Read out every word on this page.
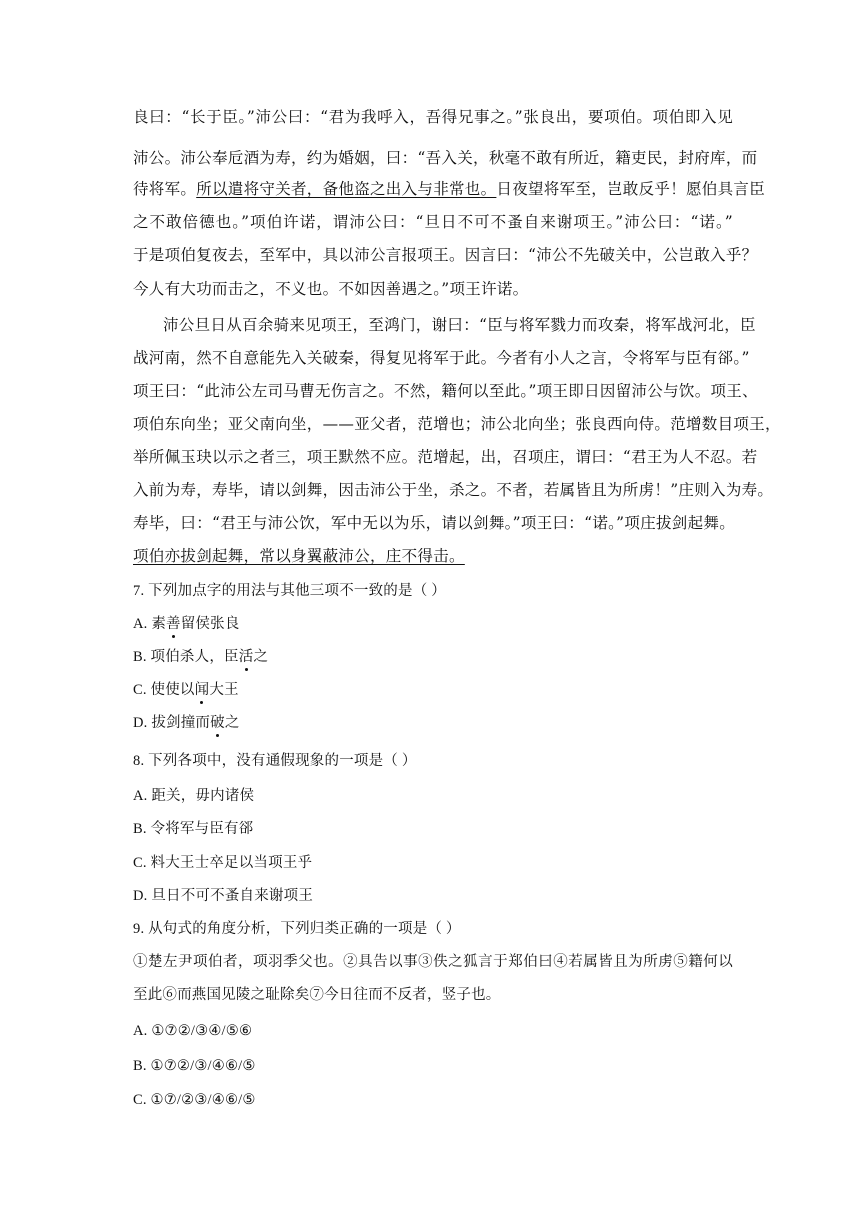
良曰：“长于臣。”沛公曰：“君为我呼入，吾得兄事之。”张良出，要项伯。项伯即入见
沛公。沛公奉卮酒为寿，约为婚姻，曰：“吾入关，秋毫不敢有所近，籍吏民，封府库，而
待将军。所以遣将守关者，备他盗之出入与非常也。日夜望将军至，岂敢反乎！愿伯具言臣
之不敢倍德也。”项伯许诺，谓沛公曰：“旦日不可不蚤自来谢项王。”沛公曰：“诺。”
于是项伯复夜去，至军中，具以沛公言报项王。因言曰：“沛公不先破关中，公岂敢入乎？
今人有大功而击之，不义也。不如因善遇之。”项王许诺。
沛公旦日从百余骑来见项王，至鸿门，谢曰：“臣与将军戮力而攻秦，将军战河北，臣
战河南，然不自意能先入关破秦，得复见将军于此。今者有小人之言，令将军与臣有郤。”
项王曰：“此沛公左司马曹无伤言之。不然，籍何以至此。”项王即日因留沛公与饮。项王、
项伯东向坐；亚父南向坐，——亚父者，范增也；沛公北向坐；张良西向侍。范增数目项王，
举所佩玉玦以示之者三，项王默然不应。范增起，出，召项庄，谓曰：“君王为人不忍。若
入前为寿，寿毕，请以剑舞，因击沛公于坐，杀之。不者，若属皆且为所虏！”庄则入为寿。
寿毕，曰：“君王与沛公饮，军中无以为乐，请以剑舞。”项王曰：“诺。”项庄拔剑起舞。
项伯亦拔剑起舞，常以身翼蔽沛公，庄不得击。
7. 下列加点字的用法与其他三项不一致的是（ ）
A. 素善留侯张良
B. 项伯杀人，臣活之
C. 使使以闻大王
D. 拔剑撞而破之
8. 下列各项中，没有通假现象的一项是（ ）
A. 距关，毋内诸侯
B. 令将军与臣有郤
C. 料大王士卒足以当项王乎
D. 旦日不可不蚤自来谢项王
9. 从句式的角度分析，下列归类正确的一项是（ ）
①楚左尹项伯者，项羽季父也。②具告以事③佚之狐言于郑伯曰④若属皆且为所虏⑤籍何以
至此⑥而燕国见陵之耻除矣⑦今日往而不反者，竖子也。
A. ①⑦②/③④/⑤⑥
B. ①⑦②/③/④⑥/⑤
C. ①⑦/②③/④⑥/⑤
